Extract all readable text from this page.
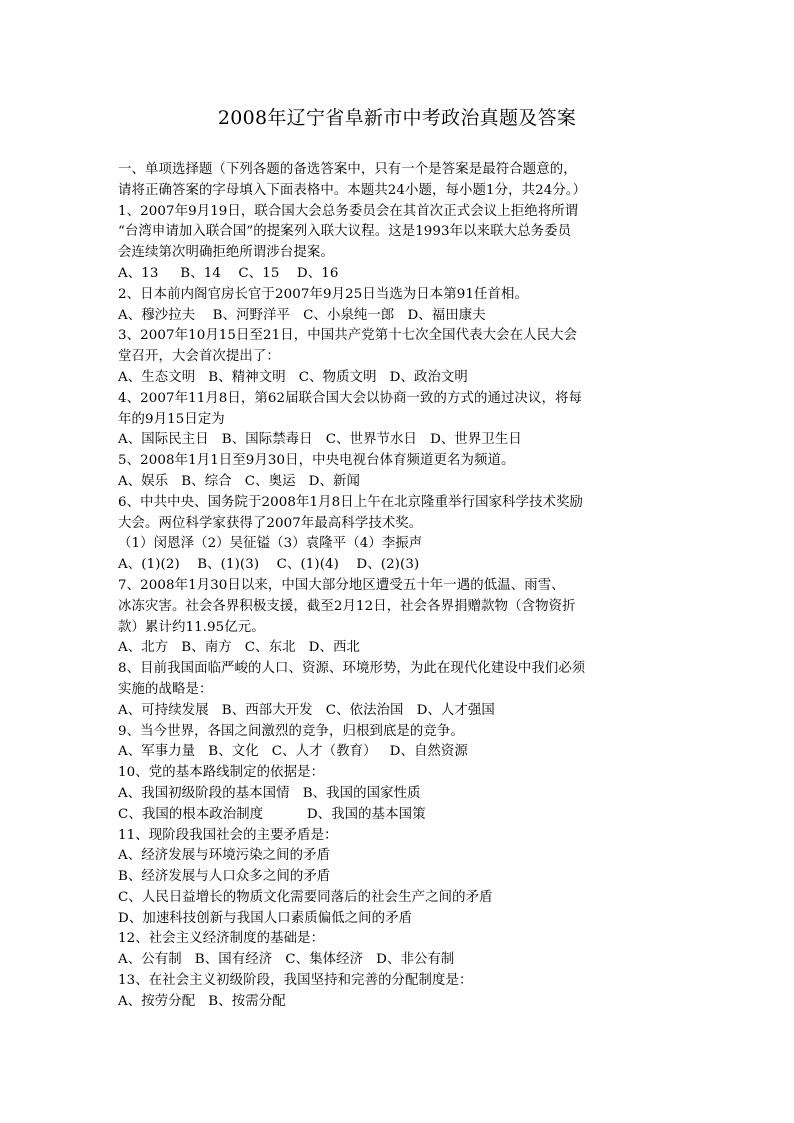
2008年辽宁省阜新市中考政治真题及答案
一、单项选择题（下列各题的备选答案中，只有一个是答案是最符合题意的，
请将正确答案的字母填入下面表格中。本题共24小题，每小题1分，共24分。）
1、2007年9月19日，联合国大会总务委员会在其首次正式会议上拒绝将所谓
“台湾申请加入联合国”的提案列入联大议程。这是1993年以来联大总务委员
会连续第次明确拒绝所谓涉台提案。
A、13     B、14    C、15    D、16
2、日本前内阁官房长官于2007年9月25日当选为日本第91任首相。
A、穆沙拉夫    B、河野洋平   C、小泉纯一郎   D、福田康夫
3、2007年10月15日至21日，中国共产党第十七次全国代表大会在人民大会
堂召开，大会首次提出了：
A、生态文明   B、精神文明   C、物质文明   D、政治文明
4、2007年11月8日，第62届联合国大会以协商一致的方式的通过决议，将每
年的9月15日定为
A、国际民主日   B、国际禁毒日   C、世界节水日   D、世界卫生日
5、2008年1月1日至9月30日，中央电视台体育频道更名为频道。
A、娱乐   B、综合   C、奥运   D、新闻
6、中共中央、国务院于2008年1月8日上午在北京隆重举行国家科学技术奖励
大会。两位科学家获得了2007年最高科学技术奖。
（1）闵恩泽（2）吴征镒（3）袁隆平（4）李振声
A、(1)(2)    B、(1)(3)    C、(1)(4)    D、(2)(3)
7、2008年1月30日以来，中国大部分地区遭受五十年一遇的低温、雨雪、
冰冻灾害。社会各界积极支援，截至2月12日，社会各界捐赠款物（含物资折
款）累计约11.95亿元。
A、北方   B、南方   C、东北   D、西北
8、目前我国面临严峻的人口、资源、环境形势，为此在现代化建设中我们必须
实施的战略是：
A、可持续发展   B、西部大开发   C、依法治国   D、人才强国
9、当今世界，各国之间激烈的竞争，归根到底是的竞争。
A、军事力量   B、文化   C、人才（教育）   D、自然资源
10、党的基本路线制定的依据是：
A、我国初级阶段的基本国情   B、我国的国家性质
C、我国的根本政治制度          D、我国的基本国策
11、现阶段我国社会的主要矛盾是：
A、经济发展与环境污染之间的矛盾
B、经济发展与人口众多之间的矛盾
C、人民日益增长的物质文化需要同落后的社会生产之间的矛盾
D、加速科技创新与我国人口素质偏低之间的矛盾
12、社会主义经济制度的基础是：
A、公有制   B、国有经济   C、集体经济   D、非公有制
13、在社会主义初级阶段，我国坚持和完善的分配制度是：
A、按劳分配   B、按需分配
